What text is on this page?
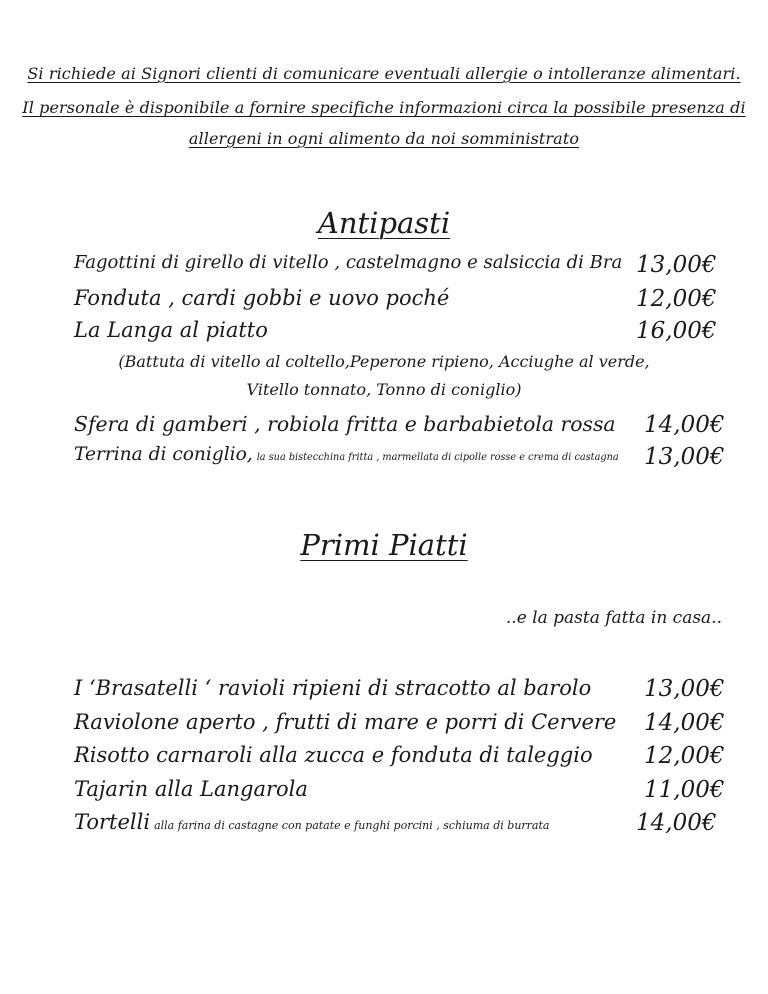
Si richiede ai Signori clienti di comunicare eventuali allergie o intolleranze alimentari.
Il personale è disponibile a fornire specifiche informazioni circa la possibile presenza di
allergeni in ogni alimento da noi somministrato
Antipasti
Fagottini di girello di vitello , castelmagno e salsiccia di Bra 13,00€
Fonduta , cardi gobbi e uovo poché	12,00€
La Langa al piatto	16,00€
(Battuta di vitello al coltello,Peperone ripieno, Acciughe al verde,
Vitello tonnato, Tonno di coniglio)
Sfera di gamberi , robiola fritta e barbabietola rossa 14,00€
Terrina di coniglio, la sua bistecchina fritta , marmellata di cipolle rosse e crema di castagna 13,00€
Primi Piatti
..e la pasta fatta in casa..
I ‘Brasatelli ‘ ravioli ripieni di stracotto al barolo 13,00€
Raviolone aperto , frutti di mare e porri di Cervere 14,00€
Risotto carnaroli alla zucca e fonduta di taleggio 12,00€
Tajarin alla Langarola	11,00€
Tortelli alla farina di castagne con patate e funghi porcini , schiuma di burrata	14,00€
